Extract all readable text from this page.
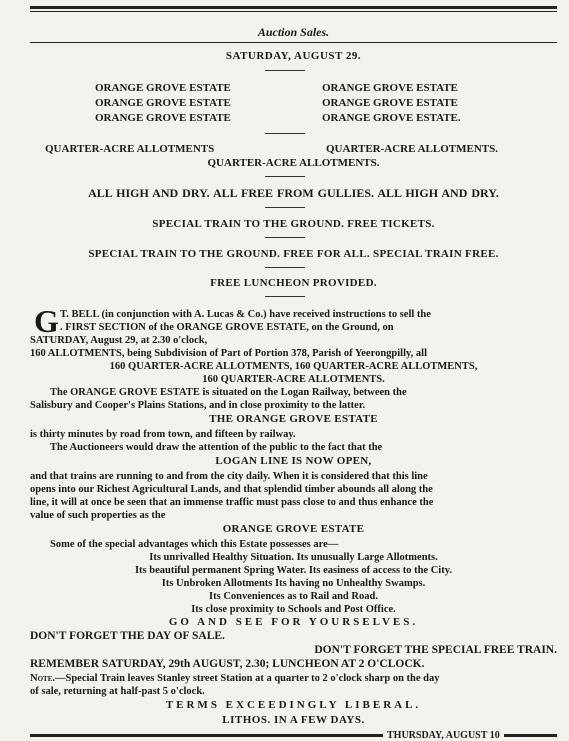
Auction Sales.
SATURDAY, AUGUST 29.
ORANGE GROVE ESTATE
ORANGE GROVE ESTATE
ORANGE GROVE ESTATE
ORANGE GROVE ESTATE
ORANGE GROVE ESTATE
ORANGE GROVE ESTATE.
QUARTER-ACRE ALLOTMENTS	QUARTER-ACRE ALLOTMENTS.
QUARTER-ACRE ALLOTMENTS.
ALL HIGH AND DRY. ALL FREE FROM GULLIES. ALL HIGH AND DRY.
SPECIAL TRAIN TO THE GROUND. FREE TICKETS.
SPECIAL TRAIN TO THE GROUND. FREE FOR ALL. SPECIAL TRAIN FREE.
FREE LUNCHEON PROVIDED.
G T. BELL (in conjunction with A. Lucas & Co.) have received instructions to sell the
. FIRST SECTION of the ORANGE GROVE ESTATE, on the Ground, on
SATURDAY, August 29, at 2.30 o'clock,
160 ALLOTMENTS, being Subdivision of Part of Portion 378, Parish of Yeerongpilly, all
160 QUARTER-ACRE ALLOTMENTS, 160 QUARTER-ACRE ALLOTMENTS,
160 QUARTER-ACRE ALLOTMENTS.
The ORANGE GROVE ESTATE is situated on the Logan Railway, between the
Salisbury and Cooper's Plains Stations, and in close proximity to the latter.
THE ORANGE GROVE ESTATE
is thirty minutes by road from town, and fifteen by railway.
The Auctioneers would draw the attention of the public to the fact that the
LOGAN LINE IS NOW OPEN,
and that trains are running to and from the city daily. When it is considered that this line
opens into our Richest Agricultural Lands, and that splendid timber abounds all along the
line, it will at once be seen that an immense traffic must pass close to and thus enhance the
value of such properties as the
ORANGE GROVE ESTATE
Some of the special advantages which this Estate possesses are—
Its unrivalled Healthy Situation. Its unusually Large Allotments.
Its beautiful permanent Spring Water. Its easiness of access to the City.
Its Unbroken Allotments Its having no Unhealthy Swamps.
Its Conveniences as to Rail and Road.
Its close proximity to Schools and Post Office.
GO AND SEE FOR YOURSELVES.
DON'T FORGET THE DAY OF SALE.
DON'T FORGET THE SPECIAL FREE TRAIN.
REMEMBER SATURDAY, 29th AUGUST, 2.30; LUNCHEON AT 2 O'CLOCK.
Note.—Special Train leaves Stanley street Station at a quarter to 2 o'clock sharp on the day
of sale, returning at half-past 5 o'clock.
TERMS EXCEEDINGLY LIBERAL.
LITHOS. IN A FEW DAYS.
THURSDAY, AUGUST 10
